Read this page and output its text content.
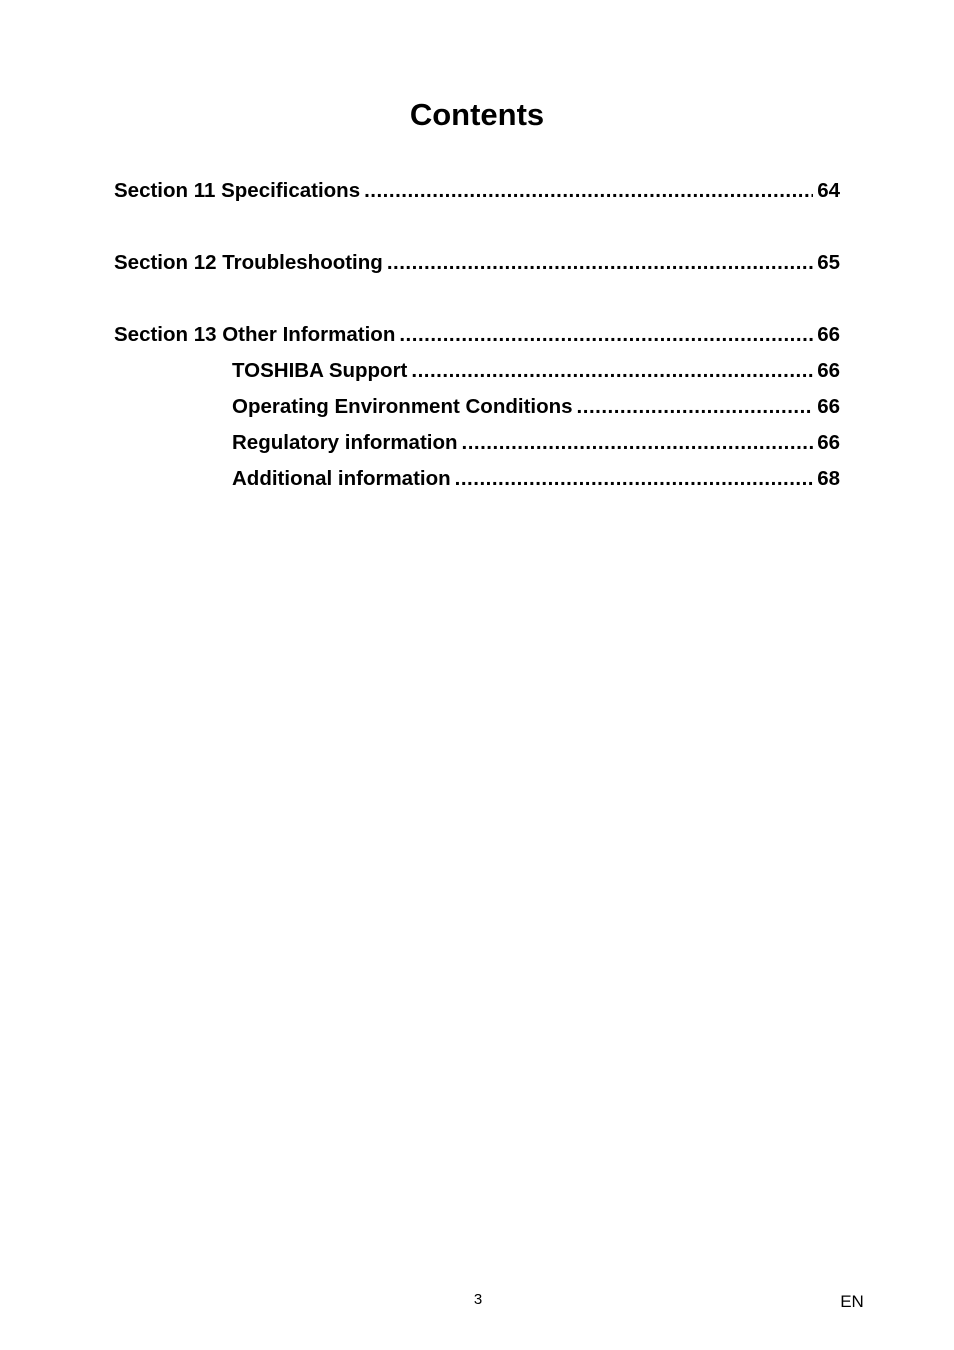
Contents
Section 11 Specifications .....	64
Section 12 Troubleshooting .....	65
Section 13 Other Information .....	66
TOSHIBA Support .....	66
Operating Environment Conditions .....	66
Regulatory information .....	66
Additional information .....	68
3	EN
